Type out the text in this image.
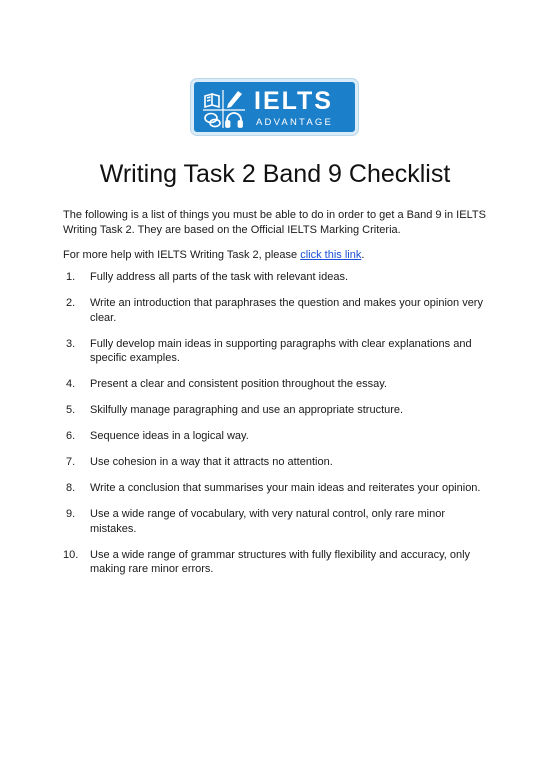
IELTS
ADVANTAGE
Writing Task 2 Band 9 Checklist

The following is a list of things you must be able to do in order to get a Band 9 in IELTS Writing Task 2. They are based on the Official IELTS Marking Criteria.

For more help with IELTS Writing Task 2, please click this link.

1. Fully address all parts of the task with relevant ideas.
2. Write an introduction that paraphrases the question and makes your opinion very clear.
3. Fully develop main ideas in supporting paragraphs with clear explanations and specific examples.
4. Present a clear and consistent position throughout the essay.
5. Skilfully manage paragraphing and use an appropriate structure.
6. Sequence ideas in a logical way.
7. Use cohesion in a way that it attracts no attention.
8. Write a conclusion that summarises your main ideas and reiterates your opinion.
9. Use a wide range of vocabulary, with very natural control, only rare minor mistakes.
10. Use a wide range of grammar structures with fully flexibility and accuracy, only making rare minor errors.
